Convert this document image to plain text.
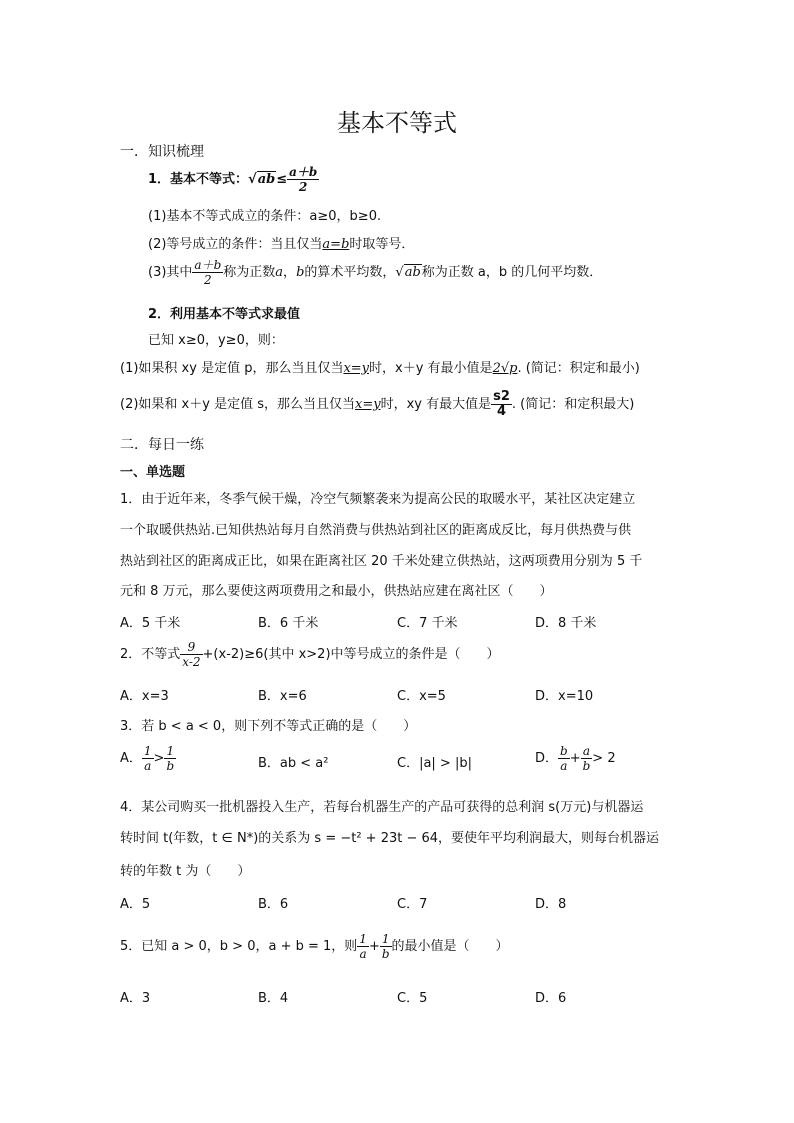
基本不等式
一．知识梳理
1．基本不等式：$√ab\le \frac{a+b}{2}$
(1)基本不等式成立的条件：a≥0，b≥0.
(2)等号成立的条件：当且仅当a=b时取等号．
(3)其中 $\frac{a+b}{2}$ 称为正数a，b的算术平均数，√ab称为正数 a，b 的几何平均数．
2．利用基本不等式求最值
已知 x≥0，y≥0，则：
(1)如果积 xy 是定值 p，那么当且仅当x=y时，x＋y 有最小值是2√p. (简记：积定和最小)
(2)如果和 x＋y 是定值 s，那么当且仅当x=y时，xy 有最大值是 $\frac{s2}{4}$ . (简记：和定积最大)
二．每日一练
一、单选题
1．由于近年来，冬季气候干燥，冷空气频繁袭来为提高公民的取暖水平，某社区决定建立
一个取暖供热站.已知供热站每月自然消费与供热站到社区的距离成反比，每月供热费与供
热站到社区的距离成正比，如果在距离社区 20 千米处建立供热站，这两项费用分别为 5 千
元和 8 万元，那么要使这两项费用之和最小，供热站应建在离社区（　　）
A．5 千米	B．6 千米	C．7 千米	D．8 千米
2．不等式 $\frac{9}{x-2} +(x-2)\ge 6$(其中 x>2)中等号成立的条件是（　　）
A．x=3	B．x=6	C．x=5	D．x=10
3．若 b < a < 0，则下列不等式正确的是（　　）
A． $\frac{1}{a} > \frac{1}{b}$	B．ab < a²	C．|a| > |b|	D． $\frac{b}{a} + \frac{a}{b} > 2$
4．某公司购买一批机器投入生产，若每台机器生产的产品可获得的总利润 s(万元)与机器运
转时间 t(年数，t ∈ N*)的关系为 s = −t² + 23t − 64，要使年平均利润最大，则每台机器运
转的年数 t 为（　　）
A．5	B．6	C．7	D．8
5．已知 a > 0，b > 0，a + b = 1，则 $\frac{1}{a} + \frac{1}{b}$ 的最小值是（　　）
A．3	B．4	C．5	D．6
